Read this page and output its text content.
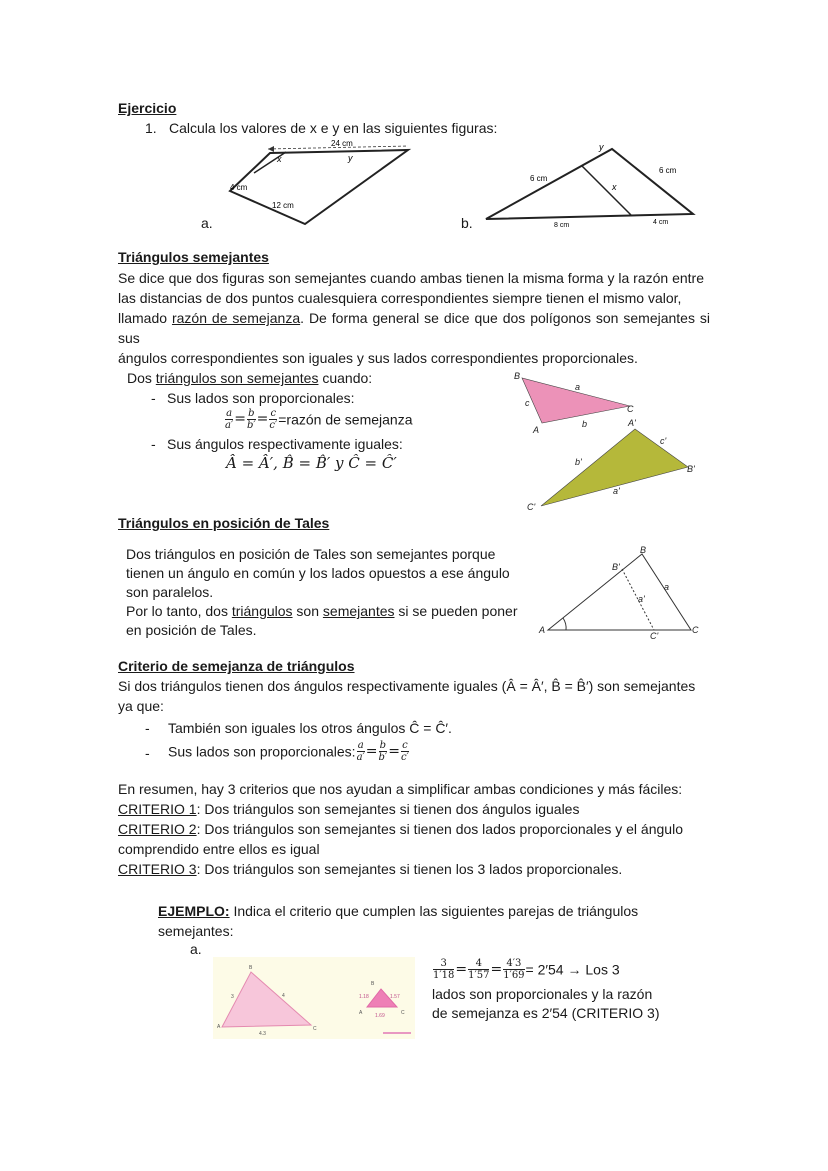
Ejercicio
1. Calcula los valores de x e y en las siguientes figuras:
24 cm
x	y
4 cm
12 cm
a.
6 cm
y
6 cm
x
8 cm	4 cm
b.
Triángulos semejantes
Se dice que dos figuras son semejantes cuando ambas tienen la misma forma y la razón entre
las distancias de dos puntos cualesquiera correspondientes siempre tienen el mismo valor,
llamado razón de semejanza. De forma general se dice que dos polígonos son semejantes si sus
ángulos correspondientes son iguales y sus lados correspondientes proporcionales.
Dos triángulos son semejantes cuando:
- Sus lados son proporcionales:
$\frac{a}{a'} = \frac{b}{b'} = \frac{c}{c'}$ =razón de semejanza
- Sus ángulos respectivamente iguales:
Â = Â′, B̂ = B̂′ y Ĉ = Ĉ′
B
a
c
C
A
b	A'
c'
b'
B'
a'
C'
Triángulos en posición de Tales
Dos triángulos en posición de Tales son semejantes porque
tienen un ángulo en común y los lados opuestos a ese ángulo
son paralelos.
Por lo tanto, dos triángulos son semejantes si se pueden poner
en posición de Tales.
B
B'
a
a'
A
C'
C
Criterio de semejanza de triángulos
Si dos triángulos tienen dos ángulos respectivamente iguales (Â = Â′, B̂ = B̂′) son semejantes
ya que:
- También son iguales los otros ángulos Ĉ = Ĉ′.
- Sus lados son proporcionales: $\frac{a}{a'} = \frac{b}{b'} = \frac{c}{c'}$
En resumen, hay 3 criterios que nos ayudan a simplificar ambas condiciones y más fáciles:
CRITERIO 1: Dos triángulos son semejantes si tienen dos ángulos iguales
CRITERIO 2: Dos triángulos son semejantes si tienen dos lados proporcionales y el ángulo
comprendido entre ellos es igual
CRITERIO 3: Dos triángulos son semejantes si tienen los 3 lados proporcionales.
EJEMPLO: Indica el criterio que cumplen las siguientes parejas de triángulos
semejantes:
a.
B
3	4
A
4.3
C
B
1.18	1.57
A	1.69	C
$\frac{3}{1'18} = \frac{4}{1'57} = \frac{4'3}{1'69} = 2'54$ → Los 3
lados son proporcionales y la razón
de semejanza es 2′54 (CRITERIO 3)
